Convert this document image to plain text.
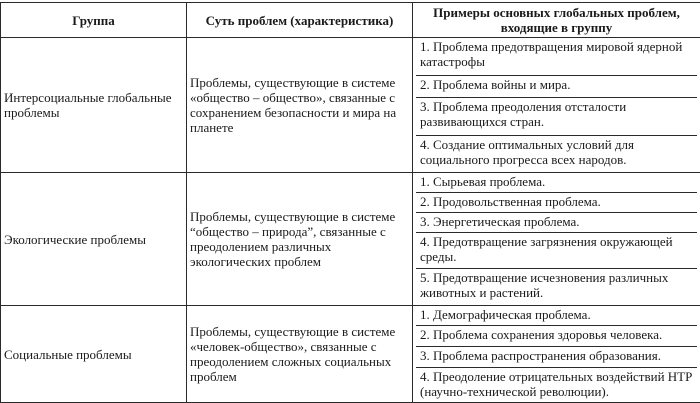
Группа	Суть проблем (характеристика)	Примеры основных глобальных проблем, входящие в группу
Интерсоциальные глобальные проблемы	Проблемы, существующие в системе «общество – общество», связанные с сохранением безопасности и мира на планете	1. Проблема предотвращения мировой ядерной катастрофы
2. Проблема войны и мира.
3. Проблема преодоления отсталости развивающихся стран.
4. Создание оптимальных условий для социального прогресса всех народов.

Экологические проблемы	Проблемы, существующие в системе “общество – природа”, связанные с преодолением различных экологических проблем	1. Сырьевая проблема.
2. Продовольственная проблема.
3. Энергетическая проблема.
4. Предотвращение загрязнения окружающей среды.
5. Предотвращение исчезновения различных животных и растений.

Социальные проблемы	Проблемы, существующие в системе «человек-общество», связанные с преодолением сложных социальных проблем	1. Демографическая проблема.
2. Проблема сохранения здоровья человека.
3. Проблема распространения образования.
4. Преодоление отрицательных воздействий НТР (научно-технической революции).
